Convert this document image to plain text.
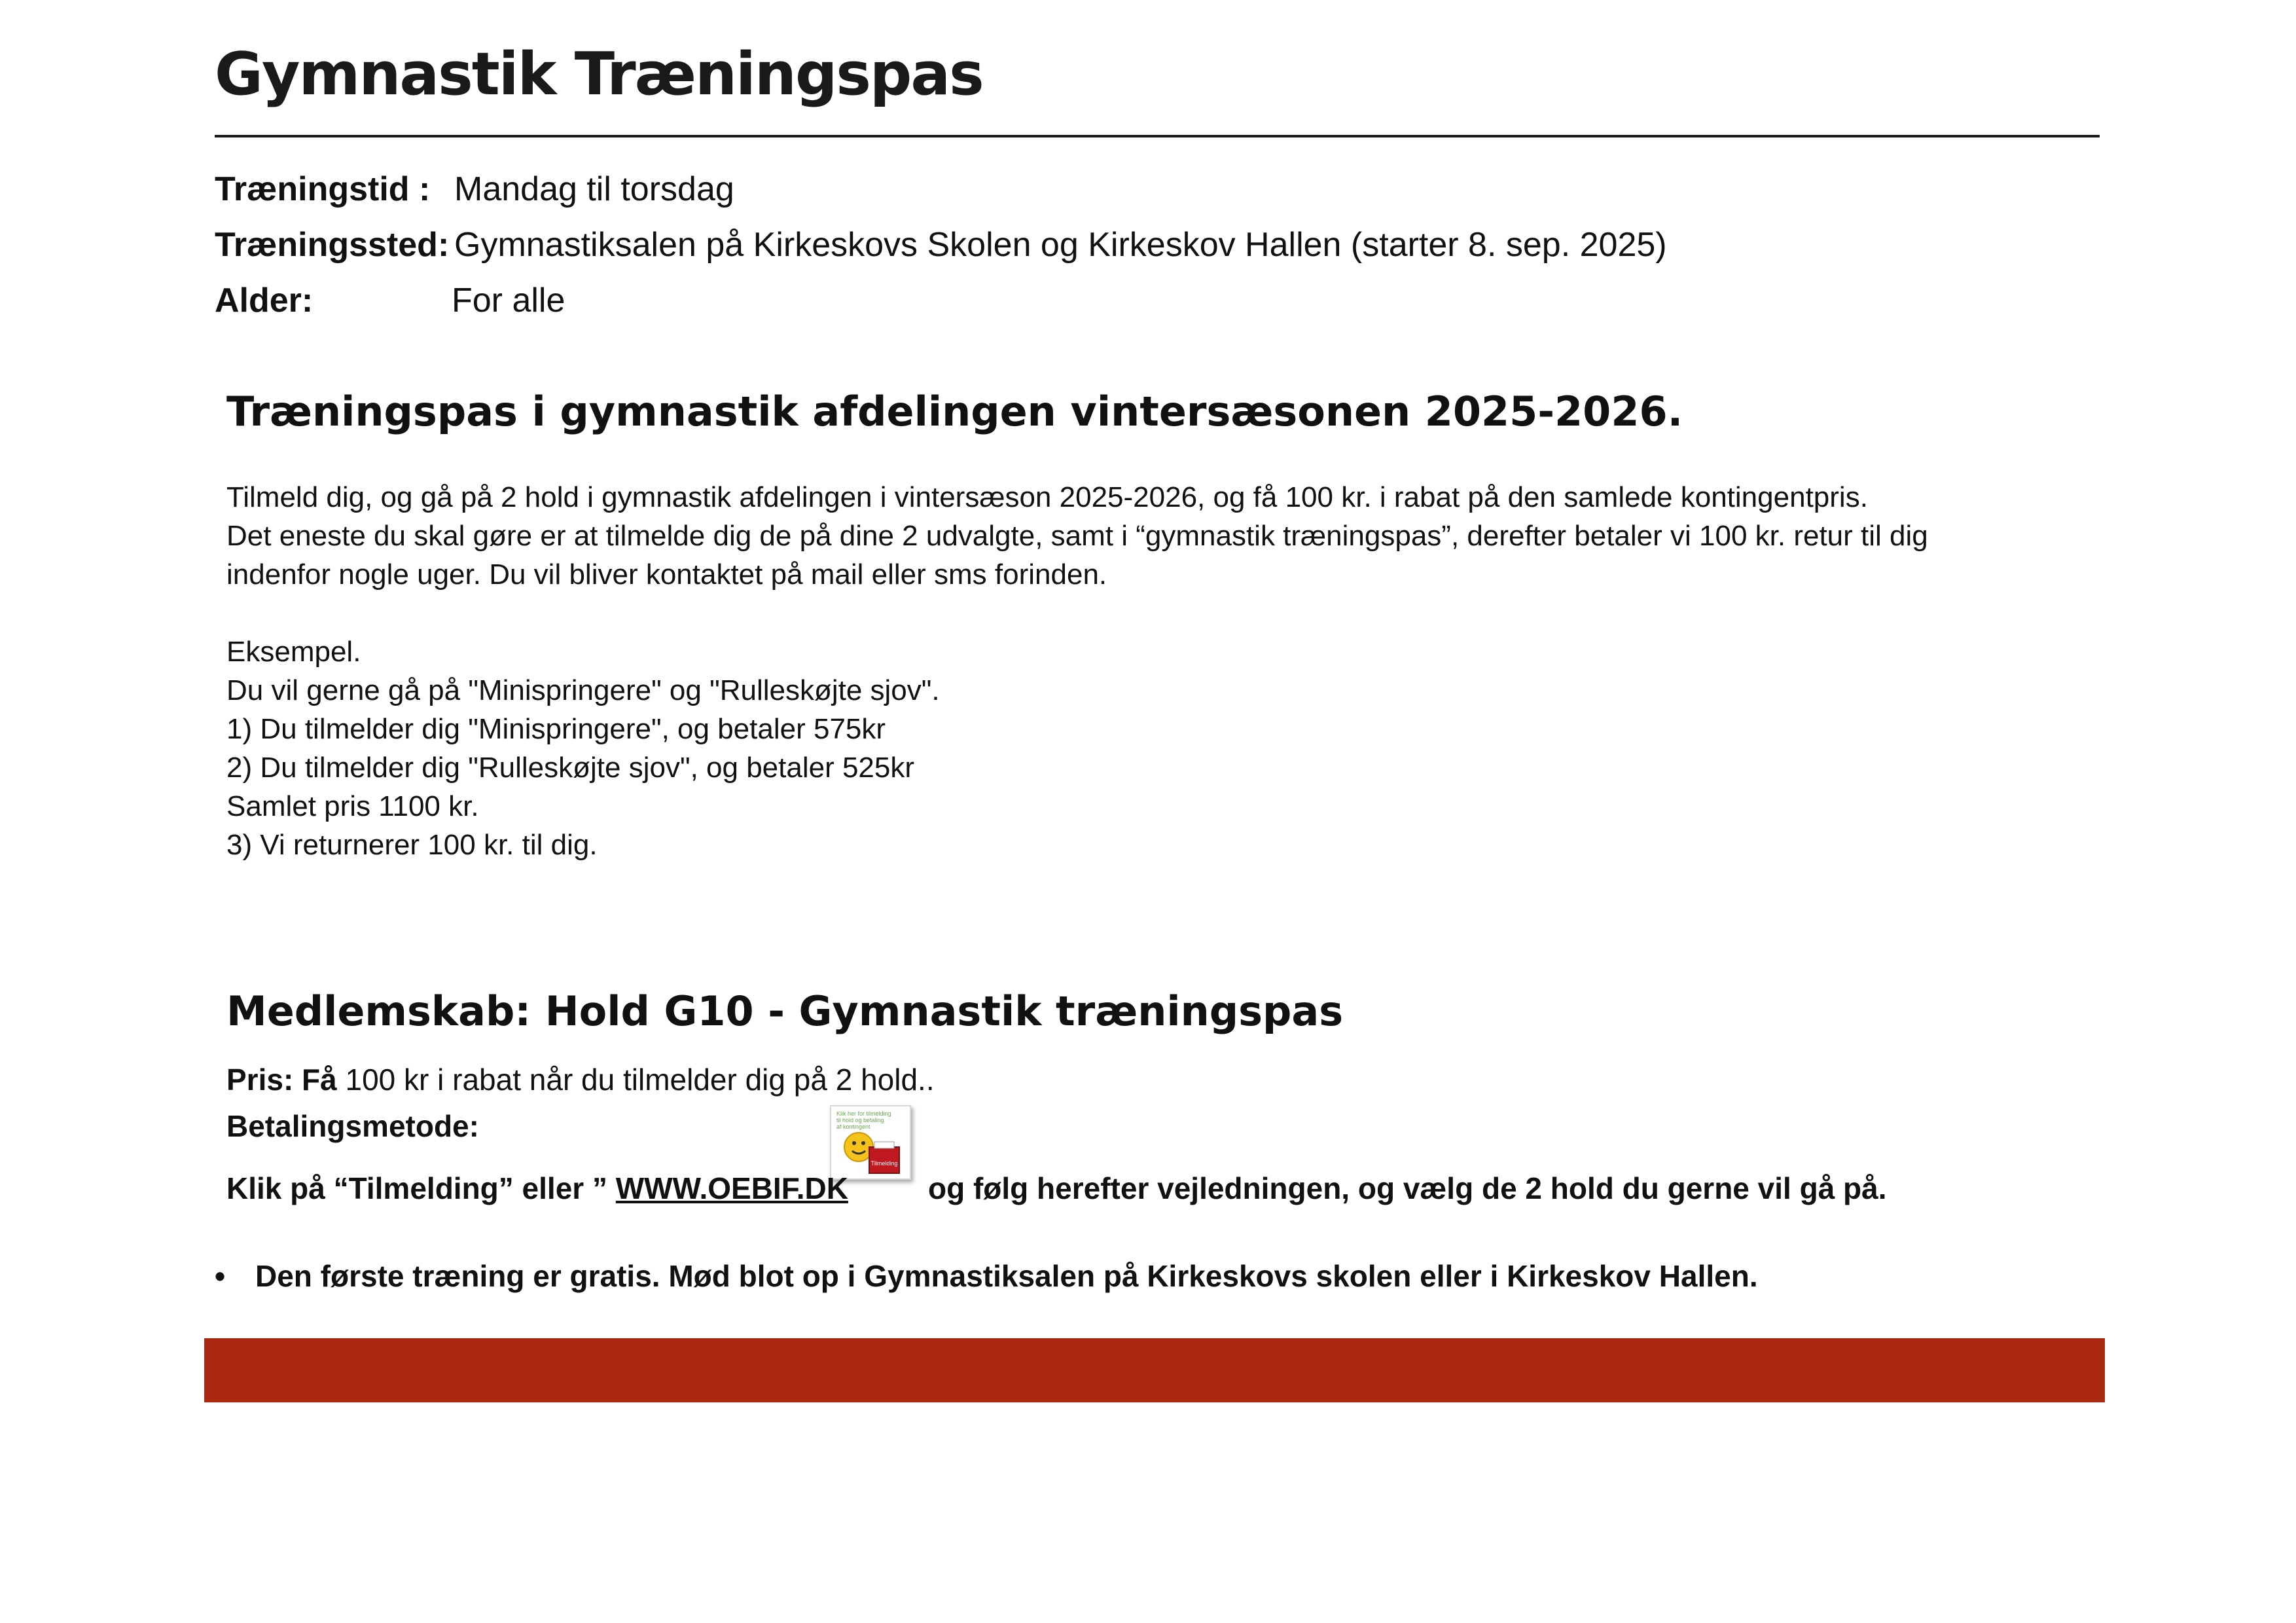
Gymnastik Træningspas
Træningstid : Mandag til torsdag
Træningssted: Gymnastiksalen på Kirkeskovs Skolen og Kirkeskov Hallen (starter 8. sep. 2025)
Alder:	For alle
Træningspas i gymnastik afdelingen vintersæsonen 2025-2026.

Tilmeld dig, og gå på 2 hold i gymnastik afdelingen i vintersæson 2025-2026, og få 100 kr. i rabat på den samlede kontingentpris.

Det eneste du skal gøre er at tilmelde dig de på dine 2 udvalgte, samt i “gymnastik træningspas”, derefter betaler vi 100 kr. retur til dig

indenfor nogle uger. Du vil bliver kontaktet på mail eller sms forinden.

Eksempel.

Du vil gerne gå på "Minispringere" og "Rulleskøjte sjov".

1) Du tilmelder dig "Minispringere", og betaler 575kr

2) Du tilmelder dig "Rulleskøjte sjov", og betaler 525kr

Samlet pris 1100 kr.

3) Vi returnerer 100 kr. til dig.

Medlemskab: Hold G10 - Gymnastik træningspas
Pris: Få 100 kr i rabat når du tilmelder dig på 2 hold..
Betalingsmetode:	Klik her for tilmelding
til hold og betaling
af kontingent
Tilmelding
Klik på “Tilmelding” eller ” WWW.OEBIF.DK	og følg herefter vejledningen, og vælg de 2 hold du gerne vil gå på.
• Den første træning er gratis. Mød blot op i Gymnastiksalen på Kirkeskovs skolen eller i Kirkeskov Hallen.
